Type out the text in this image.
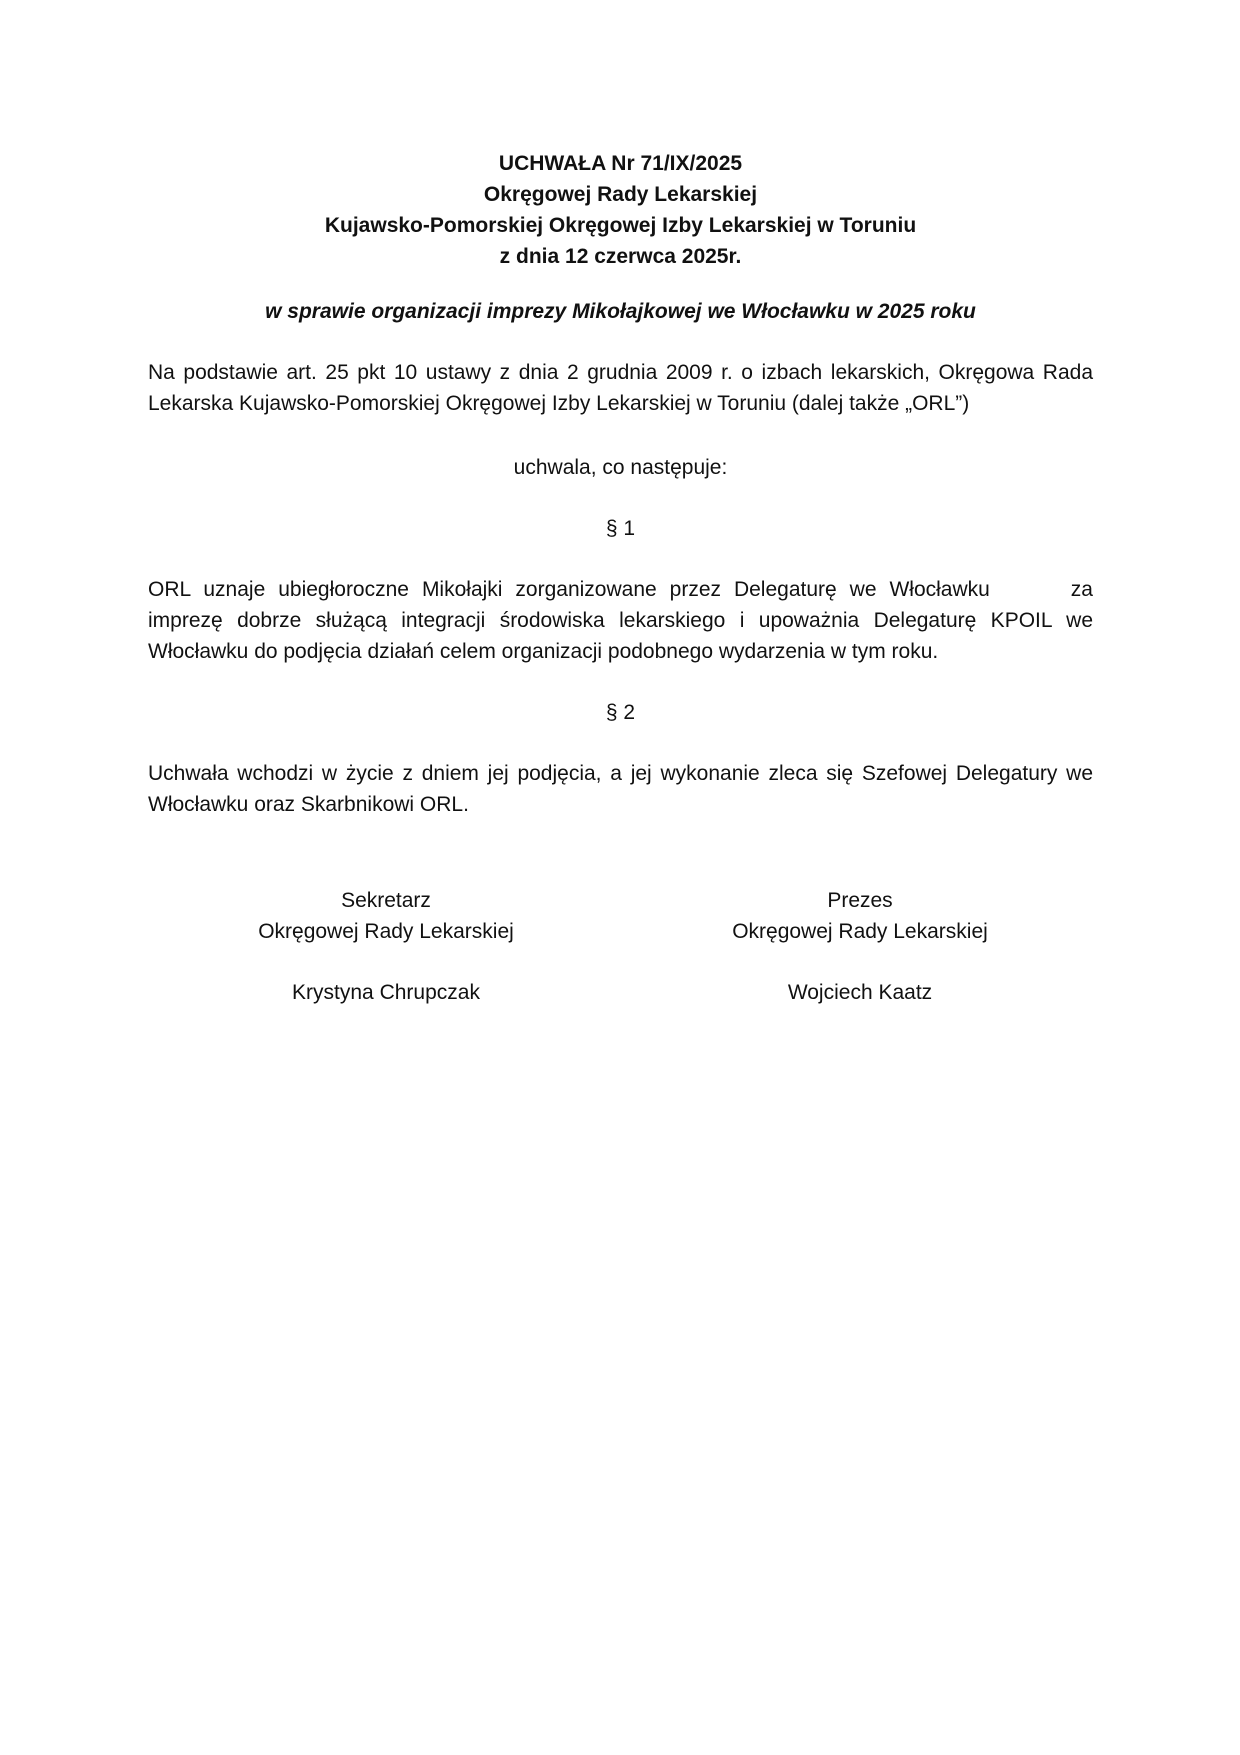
UCHWAŁA Nr 71/IX/2025
Okręgowej Rady Lekarskiej
Kujawsko-Pomorskiej Okręgowej Izby Lekarskiej w Toruniu
z dnia 12 czerwca 2025r.
w sprawie organizacji imprezy Mikołajkowej we Włocławku w 2025 roku
Na podstawie art. 25 pkt 10 ustawy z dnia 2 grudnia 2009 r. o izbach lekarskich, Okręgowa Rada Lekarska Kujawsko-Pomorskiej Okręgowej Izby Lekarskiej w Toruniu (dalej także „ORL”)
uchwala, co następuje:
§ 1
ORL uznaje ubiegłoroczne Mikołajki zorganizowane przez Delegaturę we Włocławku	za imprezę dobrze służącą integracji środowiska lekarskiego i upoważnia Delegaturę KPOIL we Włocławku do podjęcia działań celem organizacji podobnego wydarzenia w tym roku.
§ 2
Uchwała wchodzi w życie z dniem jej podjęcia, a jej wykonanie zleca się Szefowej Delegatury we Włocławku oraz Skarbnikowi ORL.
Sekretarz
Okręgowej Rady Lekarskiej
Krystyna Chrupczak
Prezes
Okręgowej Rady Lekarskiej
Wojciech Kaatz
